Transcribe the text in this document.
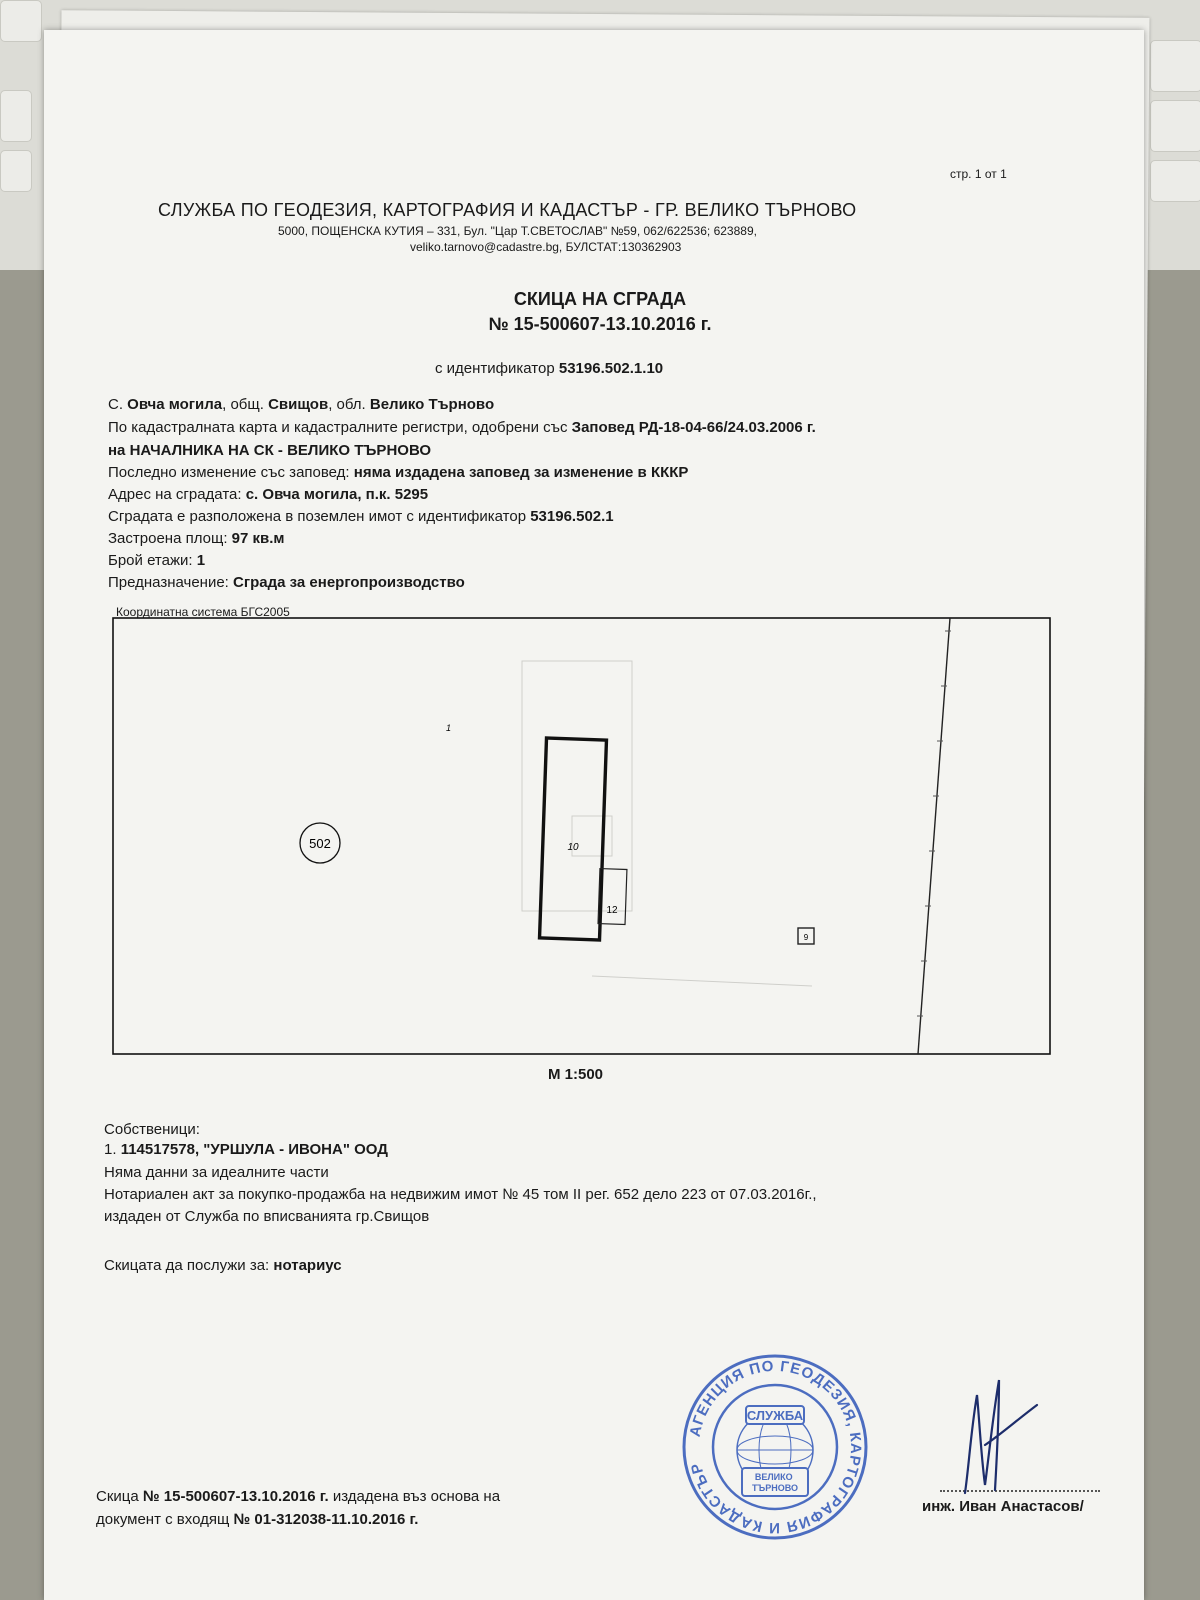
стр. 1 от 1
СЛУЖБА ПО ГЕОДЕЗИЯ, КАРТОГРАФИЯ И КАДАСТЪР - ГР. ВЕЛИКО ТЪРНОВО
5000, ПОЩЕНСКА КУТИЯ – 331, Бул. "Цар Т.СВЕТОСЛАВ" №59, 062/622536; 623889,
veliko.tarnovo@cadastre.bg, БУЛСТАТ:130362903
СКИЦА НА СГРАДА
№ 15-500607-13.10.2016 г.
с идентификатор 53196.502.1.10
С. Овча могила, общ. Свищов, обл. Велико Търново
По кадастралната карта и кадастралните регистри, одобрени със Заповед РД-18-04-66/24.03.2006 г.
на НАЧАЛНИКА НА СК - ВЕЛИКО ТЪРНОВО
Последно изменение със заповед: няма издадена заповед за изменение в КККР
Адрес на сградата: с. Овча могила, п.к. 5295
Сградата е разположена в поземлен имот с идентификатор 53196.502.1
Застроена площ: 97 кв.м
Брой етажи: 1
Предназначение: Сграда за енергопроизводство
Координатна система БГС2005
502
1
10
12
9
М 1:500
Собственици:
1. 114517578, "УРШУЛА - ИВОНА" ООД
Няма данни за идеалните части
Нотариален акт за покупко-продажба на недвижим имот № 45 том II рег. 652 дело 223 от 07.03.2016г.,
издаден от Служба по вписванията гр.Свищов
Скицата да послужи за: нотариус
Скица № 15-500607-13.10.2016 г. издадена въз основа на
документ с входящ № 01-312038-11.10.2016 г.
инж. Иван Анастасов/
АГЕНЦИЯ ПО ГЕОДЕЗИЯ, КАРТОГРАФИЯ И КАДАСТЪР
СЛУЖБА
ВЕЛИКО ТЪРНОВО
